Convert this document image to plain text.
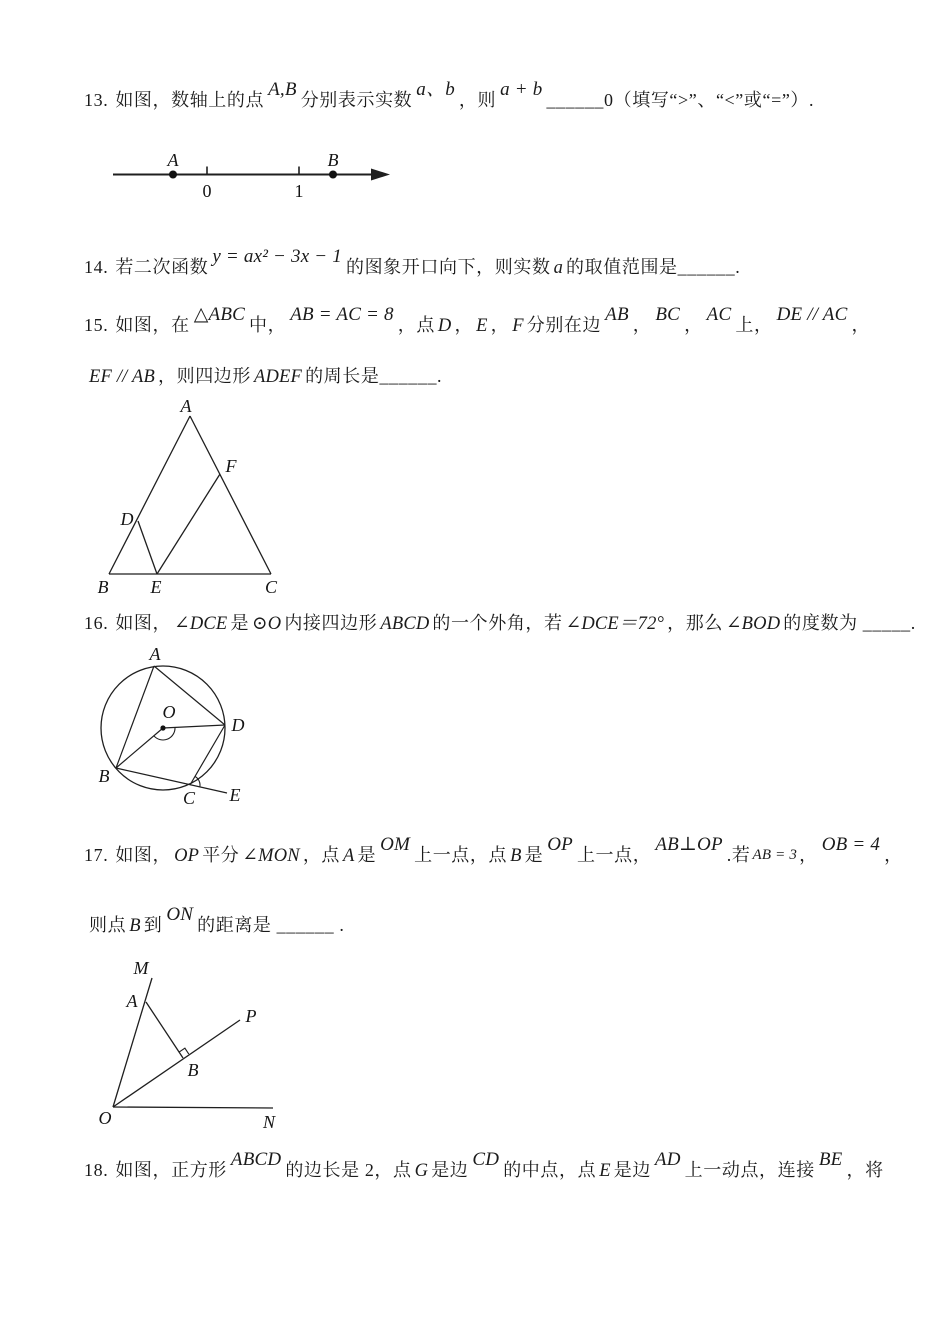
13. 如图，数轴上的点 A,B 分别表示实数 a、b ，则 a + b ______0（填写“>”、“<”或“=”）.

A	B
0	1

14. 若二次函数 y = ax² − 3x − 1 的图象开口向下，则实数 a 的取值范围是______.

15. 如图，在 △ABC 中， AB = AC = 8 ，点 D ， E ， F 分别在边 AB ， BC ， AC 上， DE // AC ，

EF // AB ，则四边形 ADEF 的周长是______.

A
B	C
D
E
F

16. 如图， ∠DCE 是 ⊙O 内接四边形 ABCD 的一个外角，若 ∠DCE＝72° ，那么 ∠BOD 的度数为 _____.

A
B
C
D
E
O

17. 如图， OP 平分 ∠MON ，点 A 是 OM 上一点，点 B 是 OP 上一点， AB⊥OP .若 AB = 3 ， OB = 4 ，

则点 B 到 ON 的距离是 ______ .

M
A
P
B
O	N

18. 如图，正方形 ABCD 的边长是 2，点 G 是边 CD 的中点，点 E 是边 AD 上一动点，连接 BE ，将
